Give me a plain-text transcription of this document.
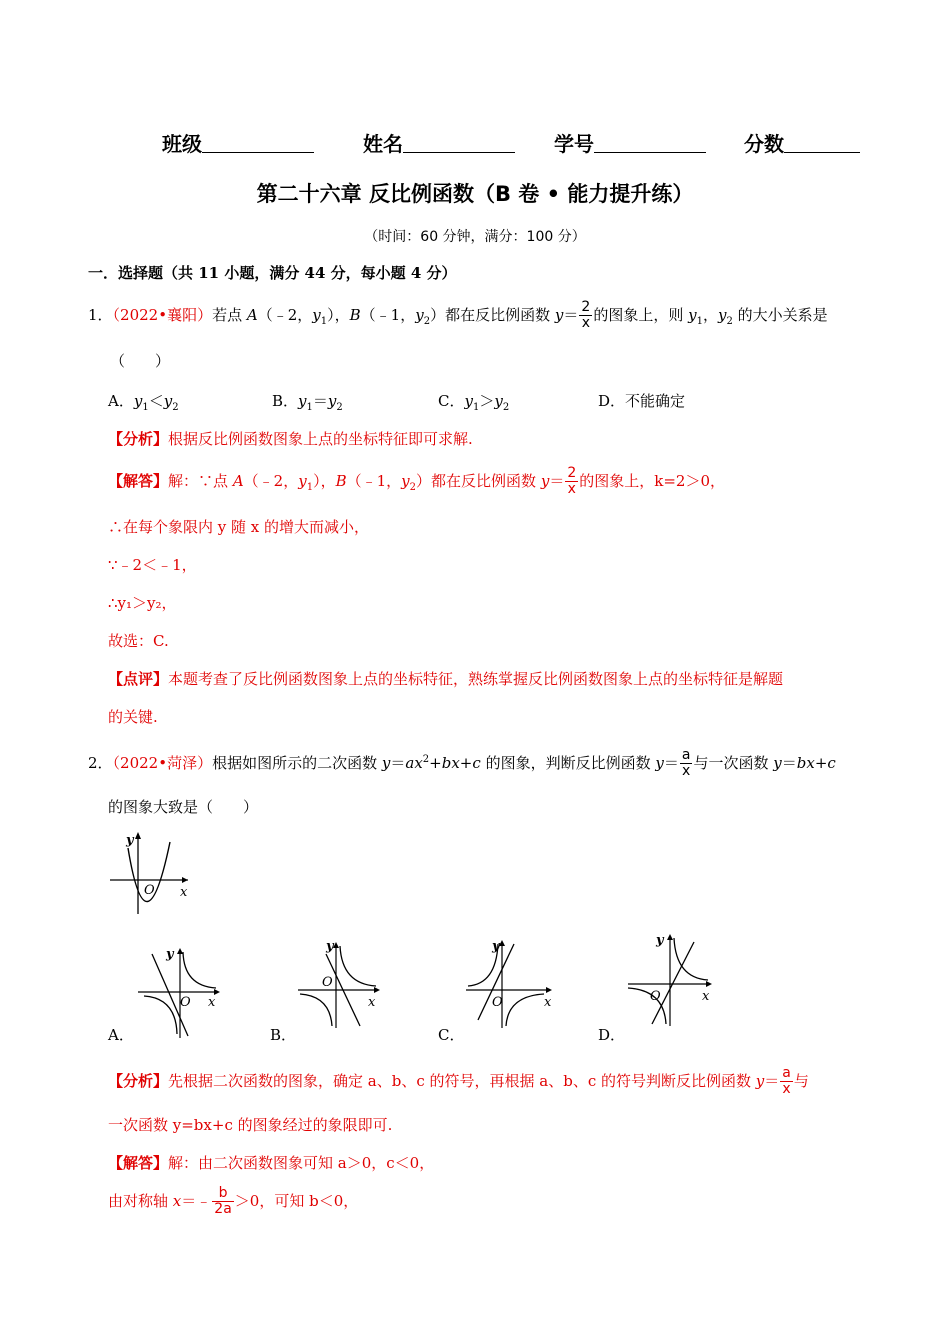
班级	姓名	学号	分数
第二十六章 反比例函数（B 卷 • 能力提升练）
（时间：60 分钟，满分：100 分）
一．选择题（共 11 小题，满分 44 分，每小题 4 分）
1．（2022•襄阳）若点 A（﹣2，$y_1$），B（﹣1，$y_2$）都在反比例函数 $y= \frac{2}{x}$ 的图象上，则 $y_1$，$y_2$ 的大小关系是
（　　）
A．$y_1<y_2$	B．$y_1=y_2$	C．$y_1>y_2$	D．不能确定
【分析】根据反比例函数图象上点的坐标特征即可求解.
【解答】解：∵点 A（﹣2，$y_1$），B（﹣1，$y_2$）都在反比例函数 $y= \frac{2}{x}$ 的图象上，k=2＞0，
∴在每个象限内 y 随 x 的增大而减小，
∵﹣2＜﹣1，
∴y₁＞y₂，
故选：C.
【点评】本题考查了反比例函数图象上点的坐标特征，熟练掌握反比例函数图象上点的坐标特征是解题
的关键.
2．（2022•菏泽）根据如图所示的二次函数 $y=ax^2+bx+c$ 的图象，判断反比例函数 $y= \frac{a}{x}$ 与一次函数 y＝bx+c
的图象大致是（　　）
y
O x
y
O x
A．
y
O
x
B．
y
O	x
C．
y
O	x
D．
【分析】先根据二次函数的图象，确定 a、b、c 的符号，再根据 a、b、c 的符号判断反比例函数 $y= \frac{a}{x}$ 与
一次函数 y=bx+c 的图象经过的象限即可.
【解答】解：由二次函数图象可知 a＞0，c＜0，
由对称轴 x＝﹣ $\frac{b}{2a} >0$，可知 b＜0，
